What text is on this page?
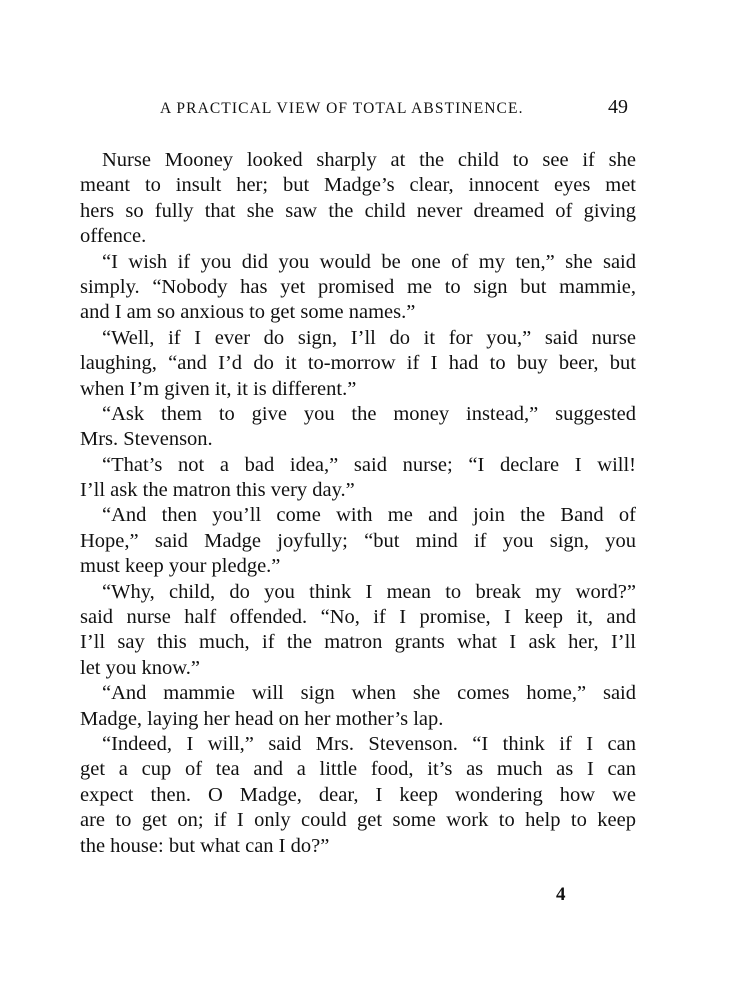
A PRACTICAL VIEW OF TOTAL ABSTINENCE.	49
Nurse Mooney looked sharply at the child to see if she
meant to insult her; but Madge’s clear, innocent eyes met
hers so fully that she saw the child never dreamed of giving
offence.
“I wish if you did you would be one of my ten,” she said
simply. “Nobody has yet promised me to sign but mammie,
and I am so anxious to get some names.”
“Well, if I ever do sign, I’ll do it for you,” said nurse
laughing, “and I’d do it to-morrow if I had to buy beer, but
when I’m given it, it is different.”
“Ask them to give you the money instead,” suggested
Mrs. Stevenson.
“That’s not a bad idea,” said nurse; “I declare I will!
I’ll ask the matron this very day.”
“And then you’ll come with me and join the Band of
Hope,” said Madge joyfully; “but mind if you sign, you
must keep your pledge.”
“Why, child, do you think I mean to break my word?”
said nurse half offended. “No, if I promise, I keep it, and
I’ll say this much, if the matron grants what I ask her, I’ll
let you know.”
“And mammie will sign when she comes home,” said
Madge, laying her head on her mother’s lap.
“Indeed, I will,” said Mrs. Stevenson. “I think if I can
get a cup of tea and a little food, it’s as much as I can
expect then. O Madge, dear, I keep wondering how we
are to get on; if I only could get some work to help to keep
the house: but what can I do?”
4
